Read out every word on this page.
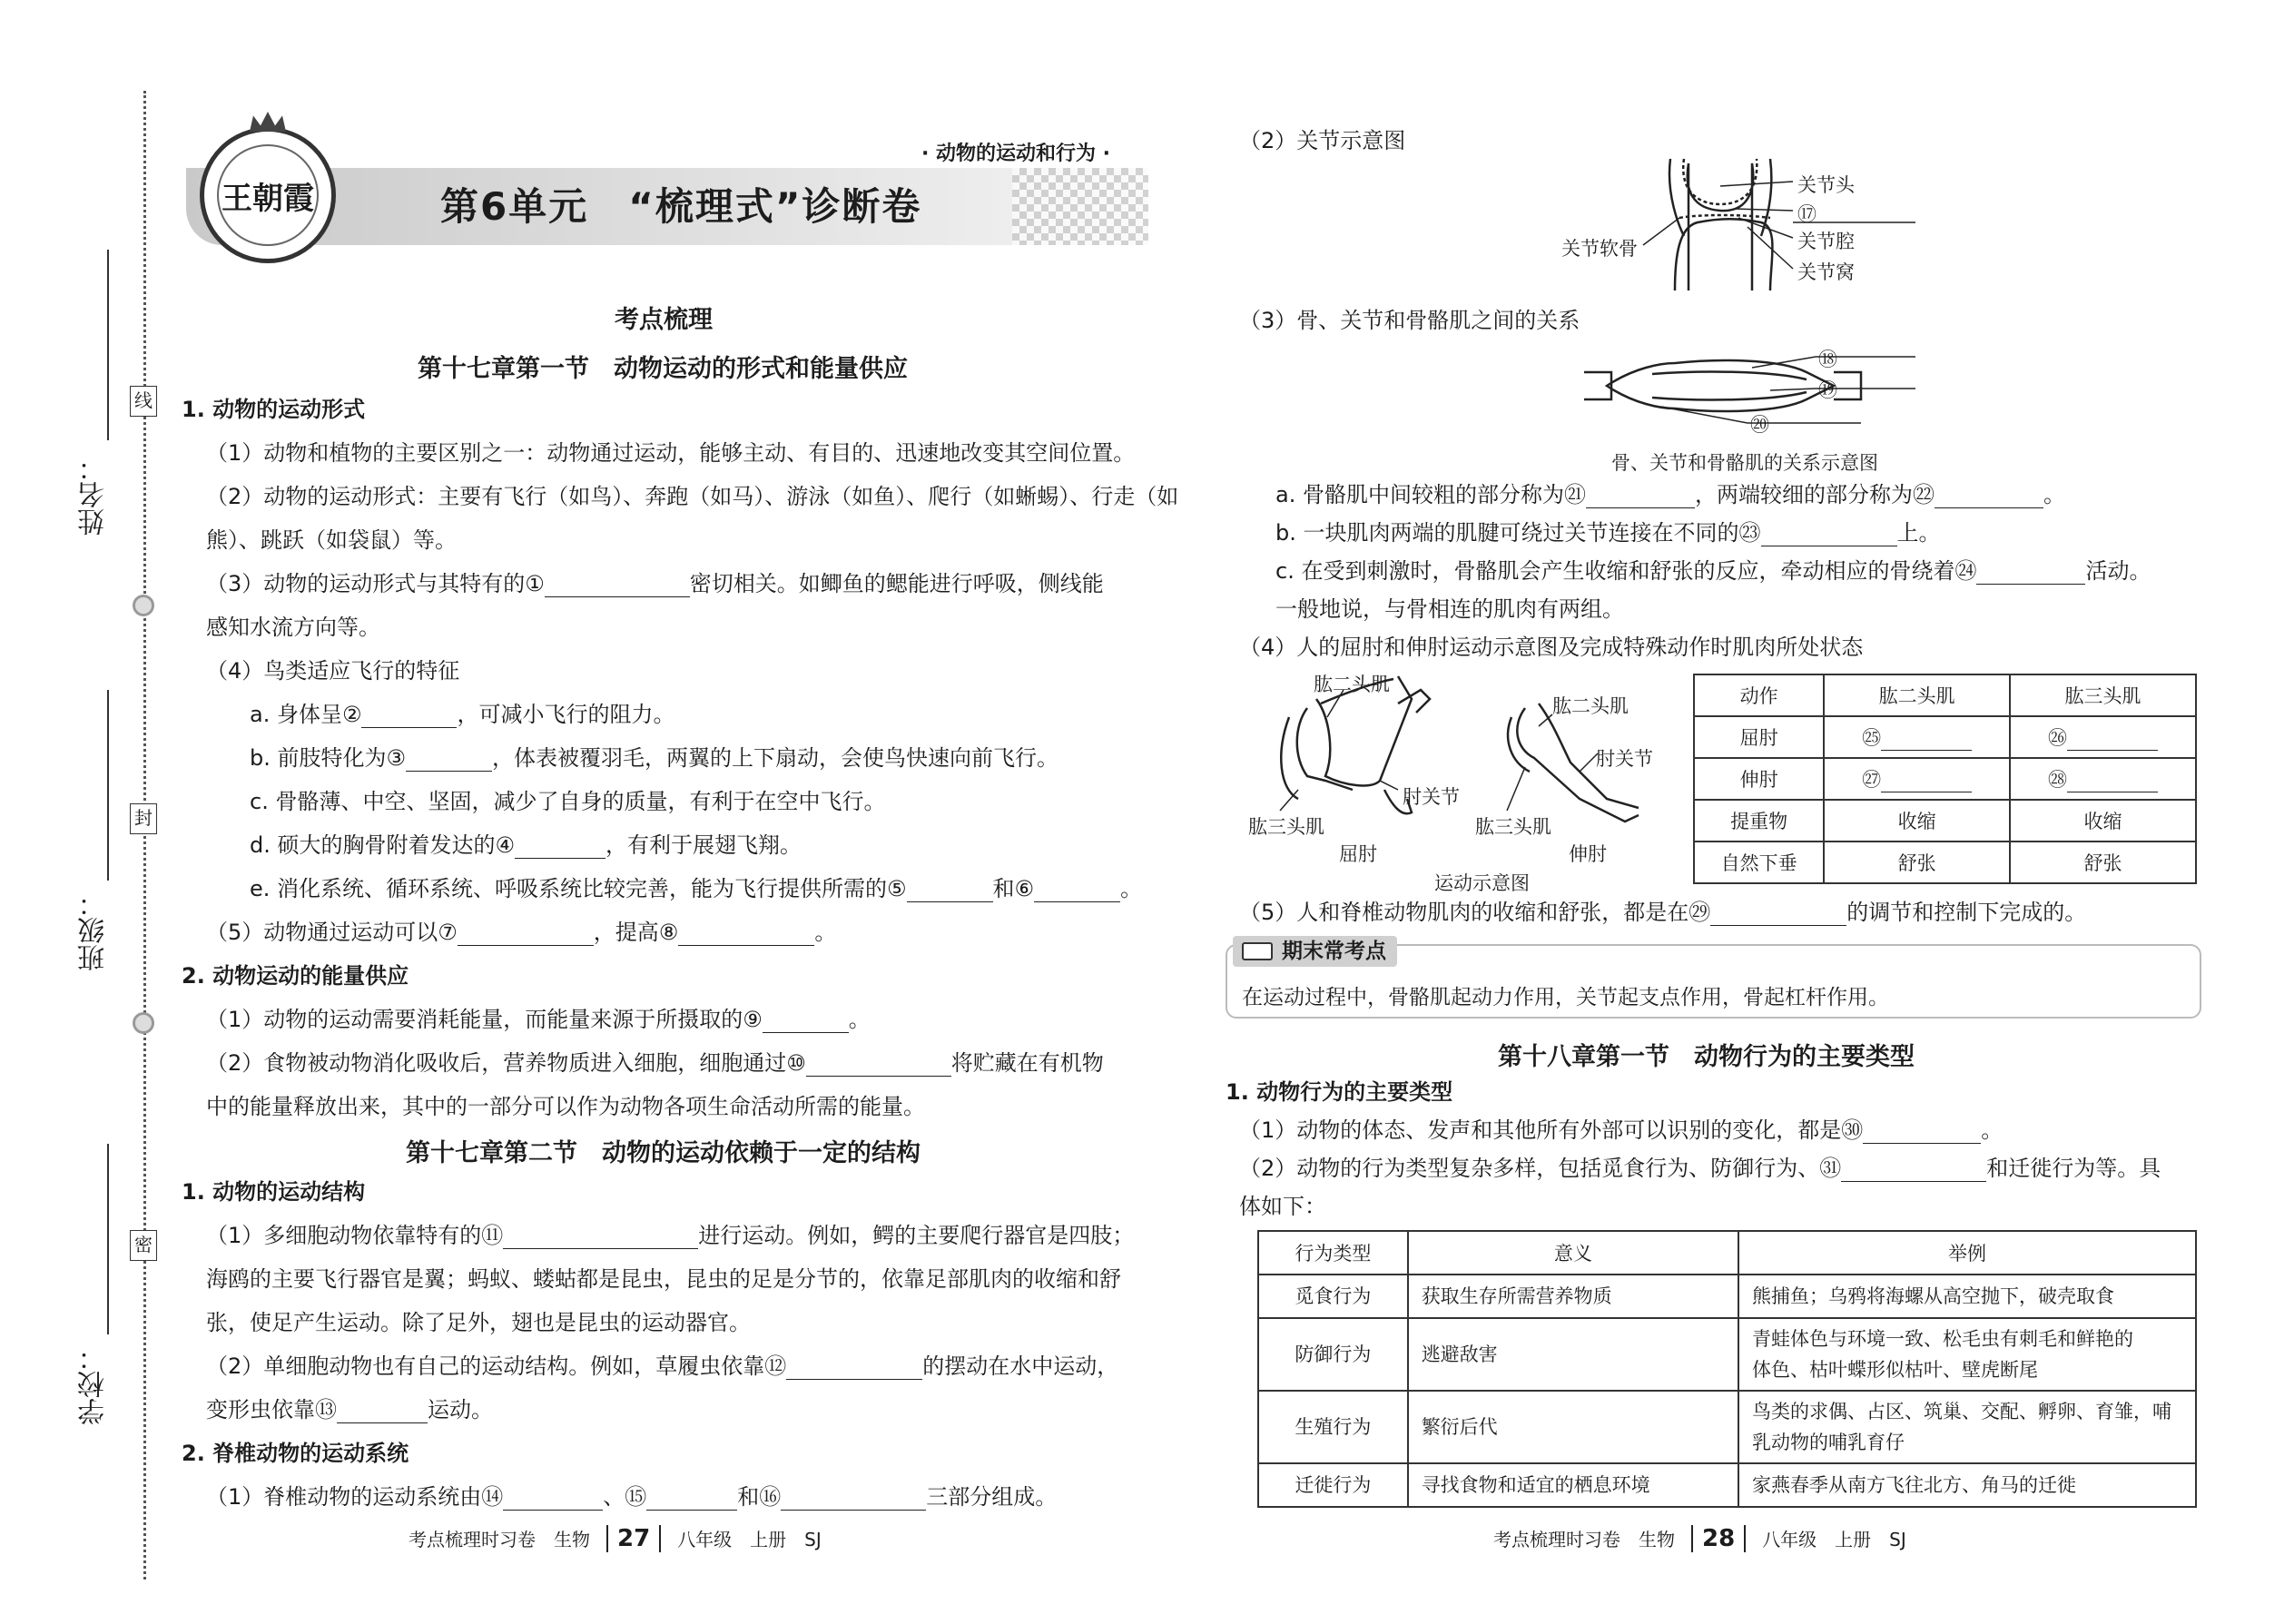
姓名：
班级：
学校：
线
封
密
王朝霞
· 动物的运动和行为 ·
第6单元　“梳理式”诊断卷
考点梳理
第十七章第一节　动物运动的形式和能量供应
1. 动物的运动形式
（1）动物和植物的主要区别之一：动物通过运动，能够主动、有目的、迅速地改变其空间位置。
（2）动物的运动形式：主要有飞行（如鸟）、奔跑（如马）、游泳（如鱼）、爬行（如蜥蜴）、行走（如
熊）、跳跃（如袋鼠）等。
（3）动物的运动形式与其特有的①	密切相关。如鲫鱼的鳃能进行呼吸，侧线能
感知水流方向等。
（4）鸟类适应飞行的特征
a. 身体呈②	，可减小飞行的阻力。
b. 前肢特化为③	，体表被覆羽毛，两翼的上下扇动，会使鸟快速向前飞行。
c. 骨骼薄、中空、坚固，减少了自身的质量，有利于在空中飞行。
d. 硕大的胸骨附着发达的④	，有利于展翅飞翔。
e. 消化系统、循环系统、呼吸系统比较完善，能为飞行提供所需的⑤	和⑥	。
（5）动物通过运动可以⑦	，提高⑧	。
2. 动物运动的能量供应
（1）动物的运动需要消耗能量，而能量来源于所摄取的⑨	。
（2）食物被动物消化吸收后，营养物质进入细胞，细胞通过⑩	将贮藏在有机物
中的能量释放出来，其中的一部分可以作为动物各项生命活动所需的能量。
第十七章第二节　动物的运动依赖于一定的结构
1. 动物的运动结构
（1）多细胞动物依靠特有的⑪	进行运动。例如，鳄的主要爬行器官是四肢；
海鸥的主要飞行器官是翼；蚂蚁、蝼蛄都是昆虫，昆虫的足是分节的，依靠足部肌肉的收缩和舒
张，使足产生运动。除了足外，翅也是昆虫的运动器官。
（2）单细胞动物也有自己的运动结构。例如，草履虫依靠⑫	的摆动在水中运动，
变形虫依靠⑬	运动。
2. 脊椎动物的运动系统
（1）脊椎动物的运动系统由⑭	、⑮	和⑯	三部分组成。
考点梳理时习卷　生物 27 八年级　上册　SJ
（2）关节示意图
关节头
⑰
关节腔
关节窝
关节软骨
（3）骨、关节和骨骼肌之间的关系
⑱
⑲
⑳
骨、关节和骨骼肌的关系示意图
a. 骨骼肌中间较粗的部分称为㉑	，两端较细的部分称为㉒	。
b. 一块肌肉两端的肌腱可绕过关节连接在不同的㉓	上。
c. 在受到刺激时，骨骼肌会产生收缩和舒张的反应，牵动相应的骨绕着㉔	活动。
一般地说，与骨相连的肌肉有两组。
（4）人的屈肘和伸肘运动示意图及完成特殊动作时肌肉所处状态
肱二头肌
肱三头肌
肘关节
屈肘
肱二头肌
肱三头肌
肘关节
伸肘
运动示意图
动作	肱二头肌	肱三头肌
屈肘	㉕	㉖
伸肘	㉗	㉘
提重物	收缩	收缩
自然下垂	舒张	舒张
（5）人和脊椎动物肌肉的收缩和舒张，都是在㉙	的调节和控制下完成的。
期末常考点
在运动过程中，骨骼肌起动力作用，关节起支点作用，骨起杠杆作用。
第十八章第一节　动物行为的主要类型
1. 动物行为的主要类型
（1）动物的体态、发声和其他所有外部可以识别的变化，都是㉚	。
（2）动物的行为类型复杂多样，包括觅食行为、防御行为、㉛	和迁徙行为等。具
体如下：
行为类型	意义	举例
觅食行为	获取生存所需营养物质	熊捕鱼；乌鸦将海螺从高空抛下，破壳取食
防御行为	逃避敌害	青蛙体色与环境一致、松毛虫有刺毛和鲜艳的
体色、枯叶蝶形似枯叶、壁虎断尾
生殖行为	繁衍后代	鸟类的求偶、占区、筑巢、交配、孵卵、育雏，哺
乳动物的哺乳育仔
迁徙行为	寻找食物和适宜的栖息环境	家燕春季从南方飞往北方、角马的迁徙
考点梳理时习卷　生物 28 八年级　上册　SJ
